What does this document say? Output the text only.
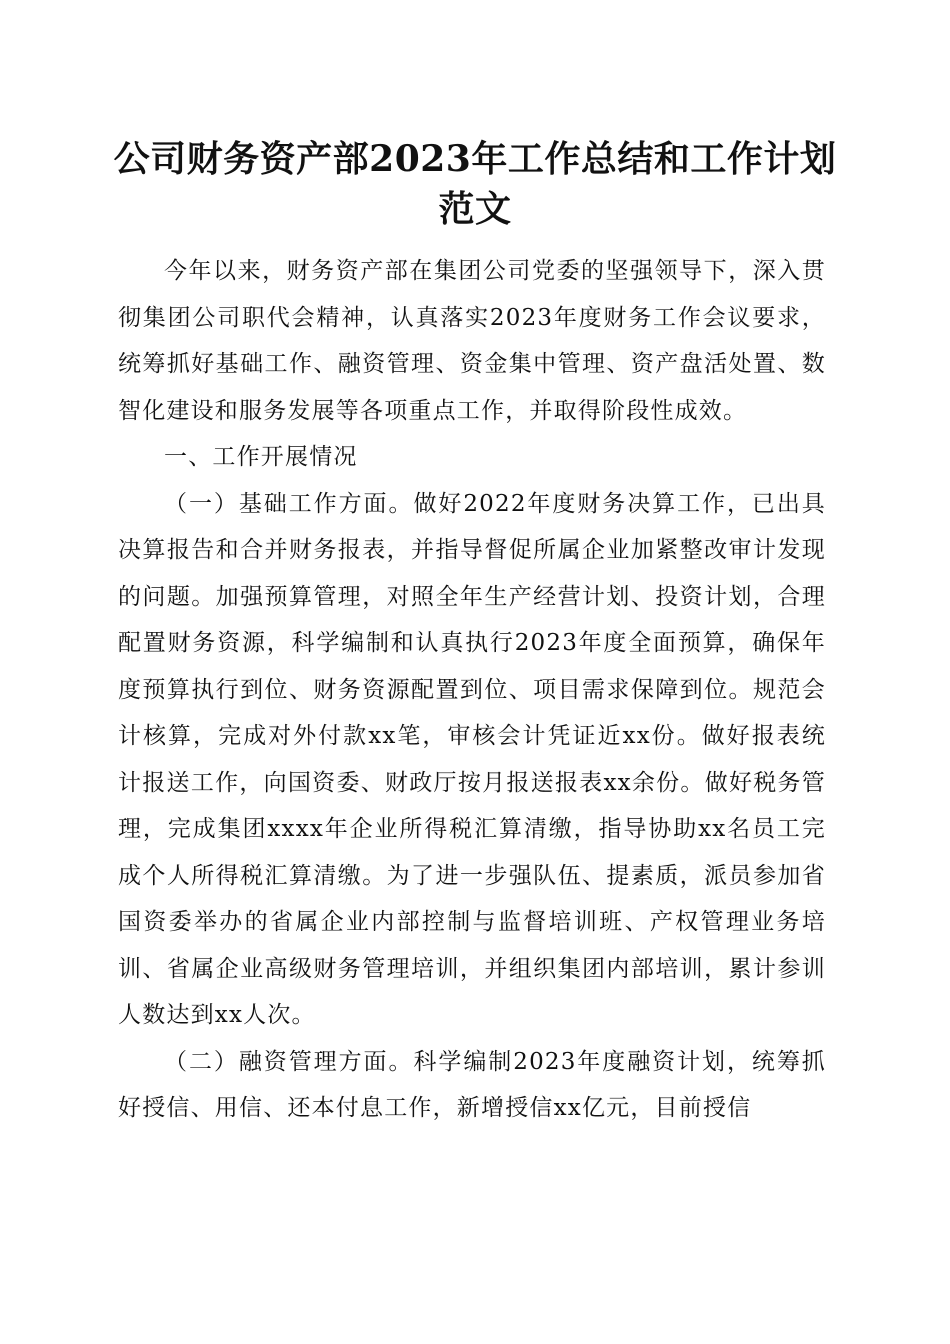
公司财务资产部2023年工作总结和工作计划
范文

今年以来，财务资产部在集团公司党委的坚强领导下，深入贯彻集团公司职代会精神，认真落实2023年度财务工作会议要求，统筹抓好基础工作、融资管理、资金集中管理、资产盘活处置、数智化建设和服务发展等各项重点工作，并取得阶段性成效。

一、工作开展情况

（一）基础工作方面。做好2022年度财务决算工作，已出具决算报告和合并财务报表，并指导督促所属企业加紧整改审计发现的问题。加强预算管理，对照全年生产经营计划、投资计划，合理配置财务资源，科学编制和认真执行2023年度全面预算，确保年度预算执行到位、财务资源配置到位、项目需求保障到位。规范会计核算，完成对外付款xx笔，审核会计凭证近xx份。做好报表统计报送工作，向国资委、财政厅按月报送报表xx余份。做好税务管理，完成集团xxxx年企业所得税汇算清缴，指导协助xx名员工完成个人所得税汇算清缴。为了进一步强队伍、提素质，派员参加省国资委举办的省属企业内部控制与监督培训班、产权管理业务培训、省属企业高级财务管理培训，并组织集团内部培训，累计参训人数达到xx人次。

（二）融资管理方面。科学编制2023年度融资计划，统筹抓好授信、用信、还本付息工作，新增授信xx亿元，目前授信
